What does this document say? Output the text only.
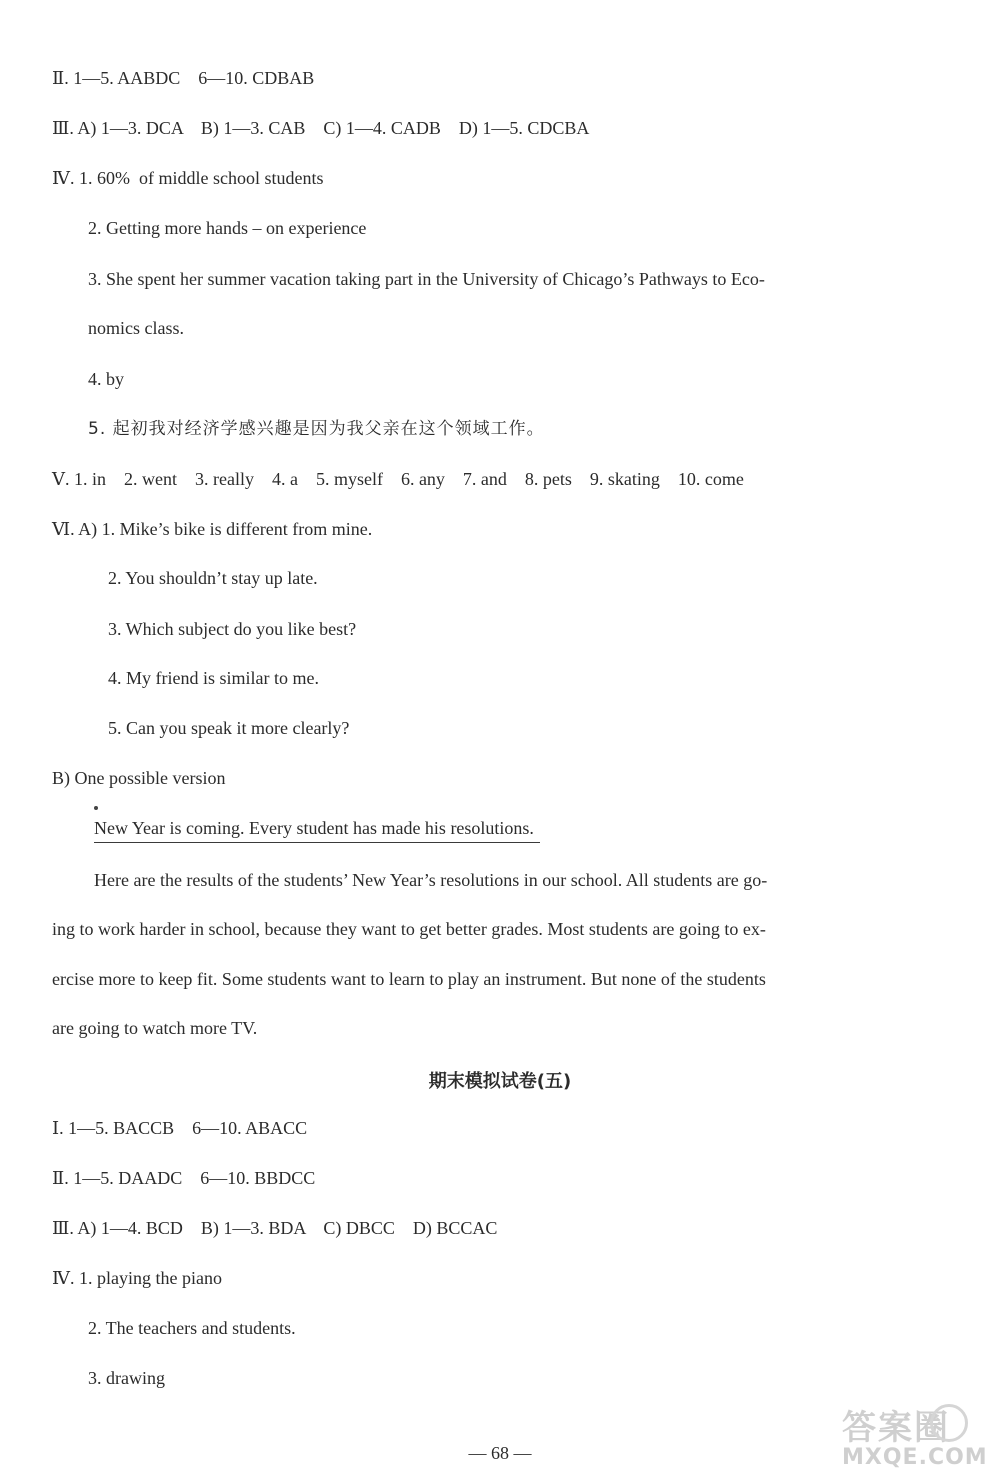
Ⅱ. 1—5. AABDC    6—10. CDBAB
Ⅲ. A) 1—3. DCA    B) 1—3. CAB    C) 1—4. CADB    D) 1—5. CDCBA
Ⅳ. 1. 60%  of middle school students
2. Getting more hands – on experience
3. She spent her summer vacation taking part in the University of Chicago’s Pathways to Eco-
nomics class.
4. by
5. 起初我对经济学感兴趣是因为我父亲在这个领域工作。
Ⅴ. 1. in    2. went    3. really    4. a    5. myself    6. any    7. and    8. pets    9. skating    10. come
Ⅵ. A) 1. Mike’s bike is different from mine.
2. You shouldn’t stay up late.
3. Which subject do you like best?
4. My friend is similar to me.
5. Can you speak it more clearly?
B) One possible version
New Year is coming. Every student has made his resolutions.
Here are the results of the students’ New Year’s resolutions in our school. All students are go-
ing to work harder in school, because they want to get better grades. Most students are going to ex-
ercise more to keep fit. Some students want to learn to play an instrument. But none of the students
are going to watch more TV.
期末模拟试卷(五)
Ⅰ. 1—5. BACCB    6—10. ABACC
Ⅱ. 1—5. DAADC    6—10. BBDCC
Ⅲ. A) 1—4. BCD    B) 1—3. BDA    C) DBCC    D) BCCAC
Ⅳ. 1. playing the piano
2. The teachers and students.
3. drawing
— 68 —
答案圈
MXQE.COM
